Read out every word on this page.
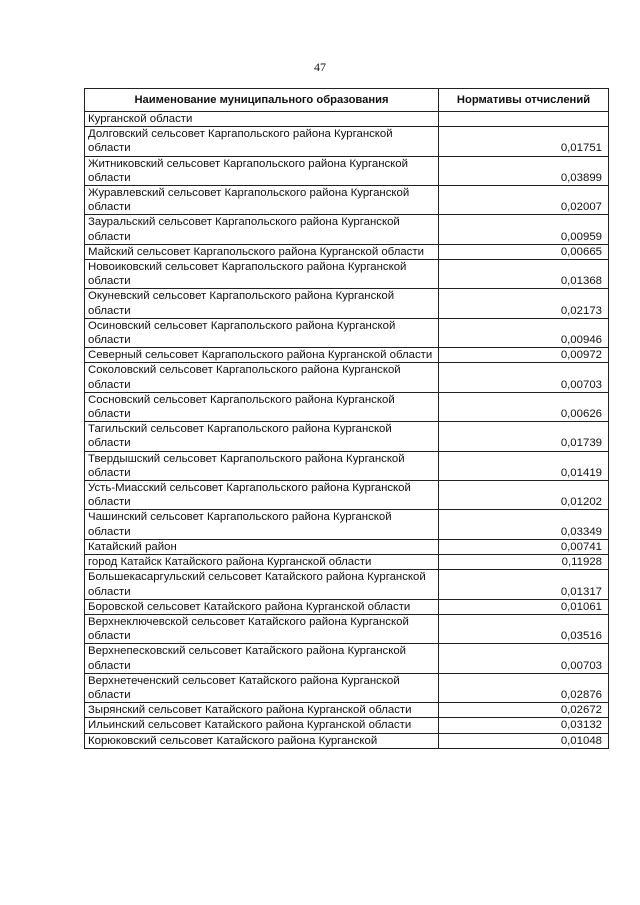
47
Наименование муниципального образования	Нормативы отчислений
Курганской области	
Долговский сельсовет Каргапольского района Курганской области	0,01751
Житниковский сельсовет Каргапольского района Курганской области	0,03899
Журавлевский сельсовет Каргапольского района Курганской области	0,02007
Зауральский сельсовет Каргапольского района Курганской области	0,00959
Майский сельсовет Каргапольского района Курганской области	0,00665
Новоиковский сельсовет Каргапольского района Курганской области	0,01368
Окуневский сельсовет Каргапольского района Курганской области	0,02173
Осиновский сельсовет Каргапольского района Курганской области	0,00946
Северный сельсовет Каргапольского района Курганской области	0,00972
Соколовский сельсовет Каргапольского района Курганской области	0,00703
Сосновский сельсовет Каргапольского района Курганской области	0,00626
Тагильский сельсовет Каргапольского района Курганской области	0,01739
Твердышский сельсовет Каргапольского района Курганской области	0,01419
Усть-Миасский сельсовет Каргапольского района Курганской области	0,01202
Чашинский сельсовет Каргапольского района Курганской области	0,03349
Катайский район	0,00741
город Катайск Катайского района Курганской области	0,11928
Большекасаргульский сельсовет Катайского района Курганской области	0,01317
Боровской сельсовет Катайского района Курганской области	0,01061
Верхнеключевской сельсовет Катайского района Курганской области	0,03516
Верхнепесковский сельсовет Катайского района Курганской области	0,00703
Верхнетеченский сельсовет Катайского района Курганской области	0,02876
Зырянский сельсовет Катайского района Курганской области	0,02672
Ильинский сельсовет Катайского района Курганской области	0,03132
Корюковский сельсовет Катайского района Курганской	0,01048
